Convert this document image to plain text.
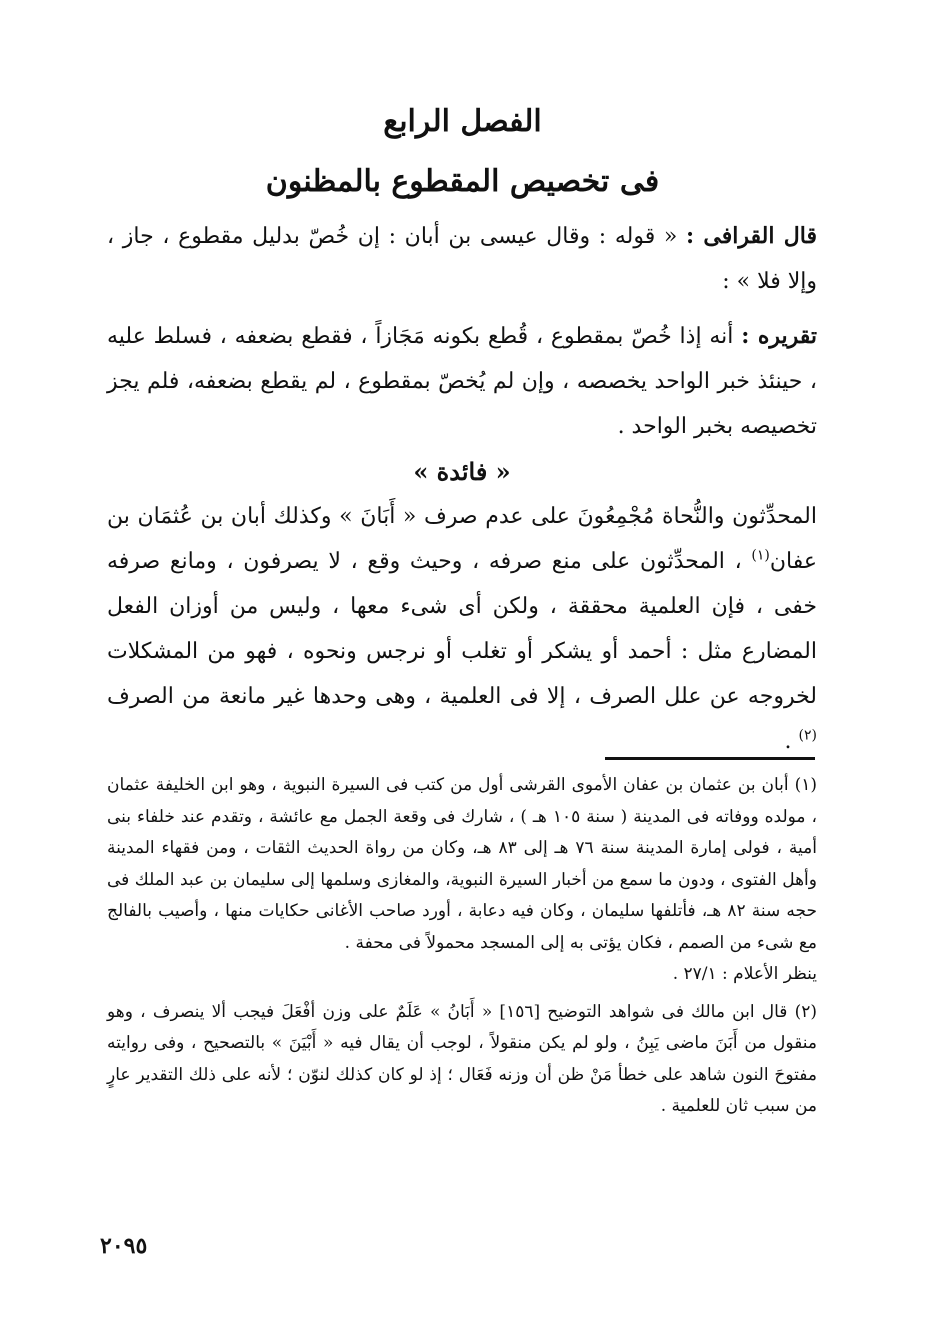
الفصل الرابع
فى تخصيص المقطوع بالمظنون

قال القرافى : « قوله : وقال عيسى بن أبان : إن خُصّ بدليل مقطوع ، جاز ، وإلا فلا » :

تقريره : أنه إذا خُصّ بمقطوع ، قُطع بكونه مَجَازاً ، فقطع بضعفه ، فسلط عليه ، حينئذ خبر الواحد يخصصه ، وإن لم يُخصّ بمقطوع ، لم يقطع بضعفه، فلم يجز تخصيصه بخبر الواحد .

« فائدة »

المحدِّثون والنُّحاة مُجْمِعُونَ على عدم صرف « أَبَانَ » وكذلك أبان بن عُثمَان بن عفان$^{(١)}$ ، المحدِّثون على منع صرفه ، وحيث وقع ، لا يصرفون ، ومانع صرفه خفى ، فإن العلمية محققة ، ولكن أى شىء معها ، وليس من أوزان الفعل المضارع مثل : أحمد أو يشكر أو تغلب أو نرجس ونحوه ، فهو من المشكلات لخروجه عن علل الصرف ، إلا فى العلمية ، وهى وحدها غير مانعة من الصرف $^{(٢)}$ .

(١) أبان بن عثمان بن عفان الأموى القرشى أول من كتب فى السيرة النبوية ، وهو ابن الخليفة عثمان ، مولده ووفاته فى المدينة ( سنة ١٠٥ هـ ) ، شارك فى وقعة الجمل مع عائشة ، وتقدم عند خلفاء بنى أمية ، فولى إمارة المدينة سنة ٧٦ هـ إلى ٨٣ هـ، وكان من رواة الحديث الثقات ، ومن فقهاء المدينة وأهل الفتوى ، ودون ما سمع من أخبار السيرة النبوية، والمغازى وسلمها إلى سليمان بن عبد الملك فى حجه سنة ٨٢ هـ، فأتلفها سليمان ، وكان فيه دعابة ، أورد صاحب الأغانى حكايات منها ، وأصيب بالفالج مع شىء من الصمم ، فكان يؤتى به إلى المسجد محمولاً فى محفة .

ينظر الأعلام : ٢٧/١ .

(٢) قال ابن مالك فى شواهد التوضيح [١٥٦] « أَبَانُ » عَلَمٌ على وزن أفْعَلَ فيجب ألا ينصرف ، وهو منقول من أَبَنَ ماضى يَبِنُ ، ولو لم يكن منقولاً ، لوجب أن يقال فيه « أَبْيَنَ » بالتصحيح ، وفى روايته مفتوحَ النون شاهد على خطأ مَنْ ظن أن وزنه فَعَال ؛ إذ لو كان كذلك لنوّن ؛ لأنه على ذلك التقدير عارٍ من سبب ثان للعلمية .

٢٠٩٥
